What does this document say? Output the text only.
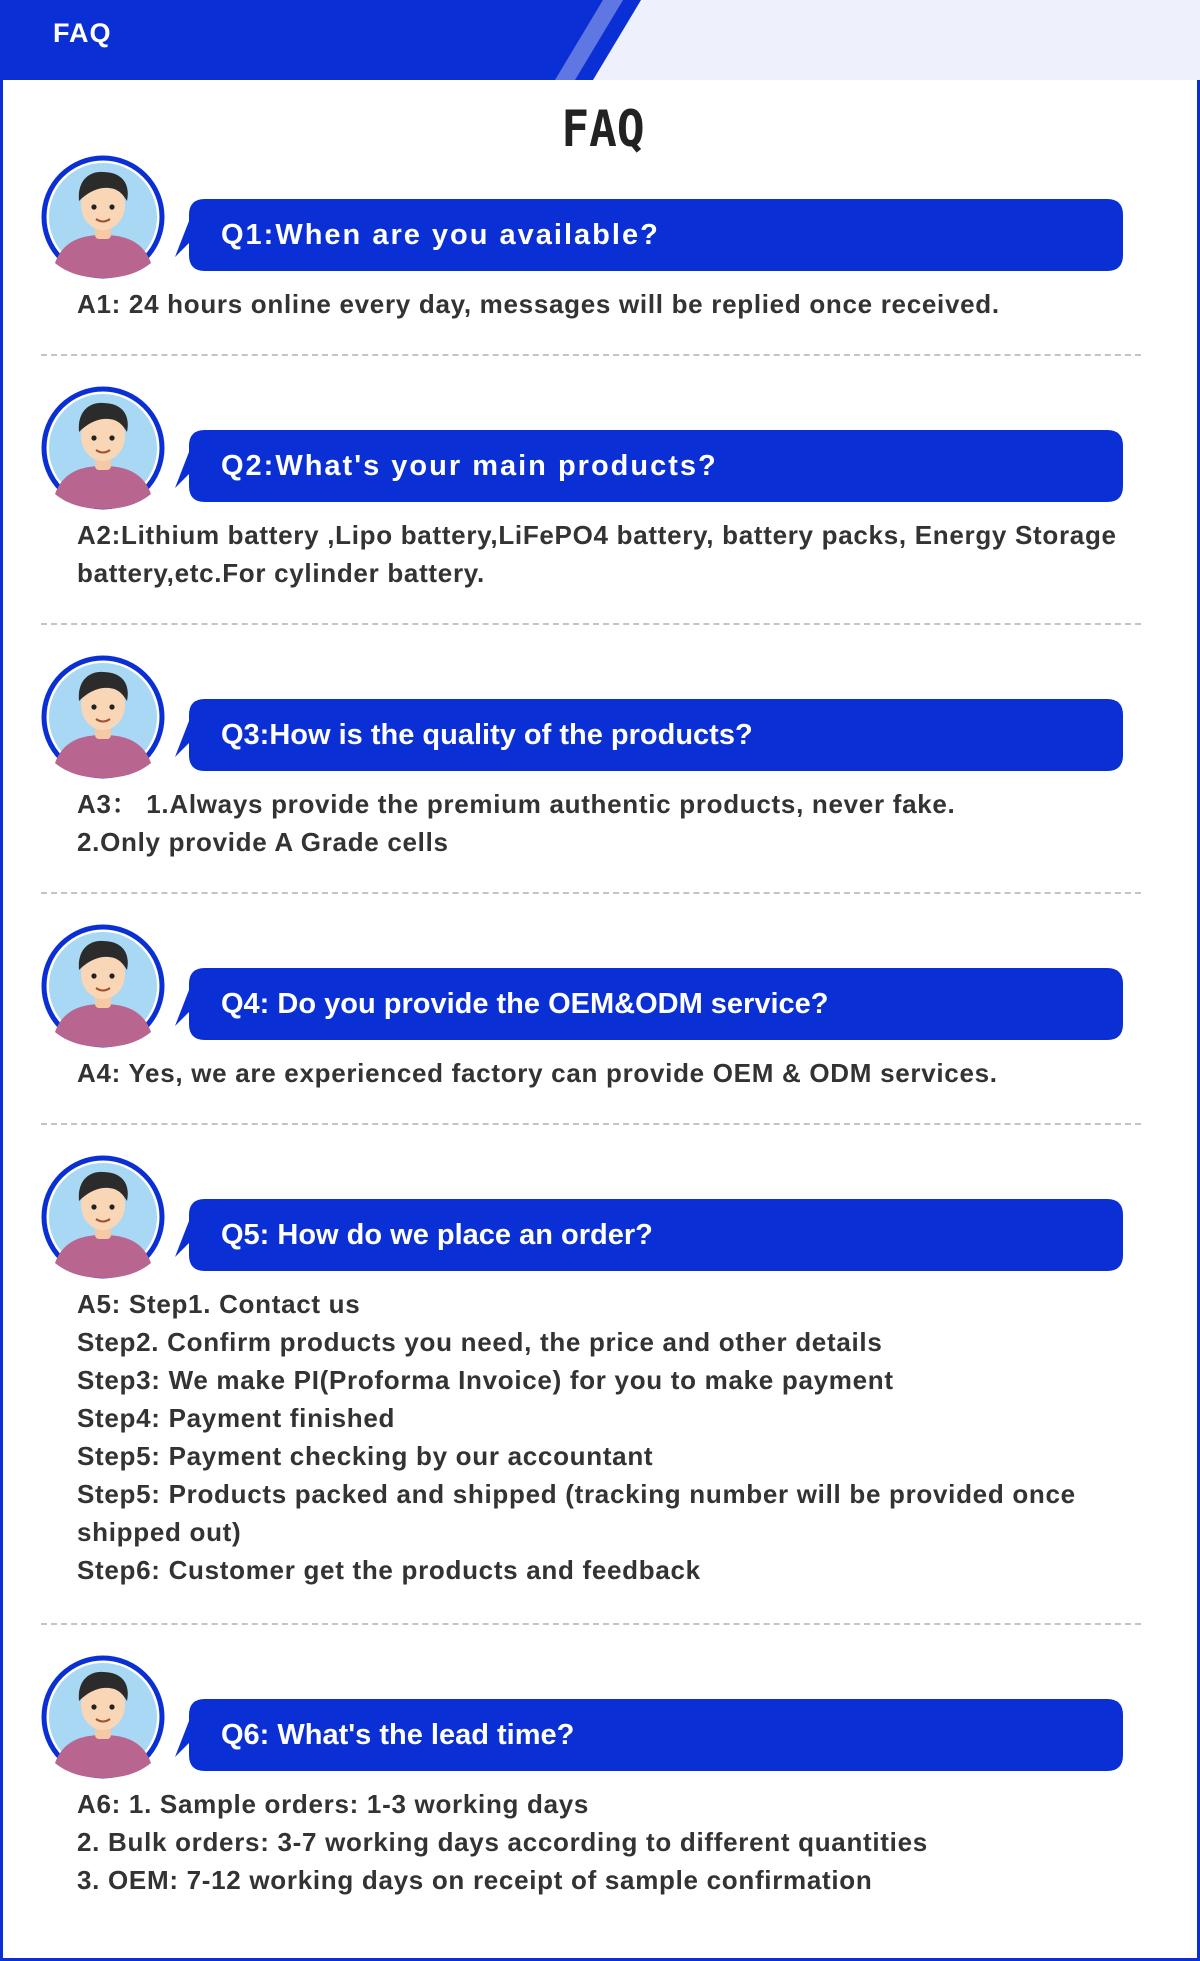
FAQ
FAQ
Q1:When are you available?
A1: 24 hours online every day, messages will be replied once received.
Q2:What's your main products?
A2:Lithium battery ,Lipo battery,LiFePO4 battery, battery packs, Energy Storage
battery,etc.For cylinder battery.
Q3:How is the quality of the products?
A3： 1.Always provide the premium authentic products, never fake.
2.Only provide A Grade cells
Q4: Do you provide the OEM&ODM service?
A4: Yes, we are experienced factory can provide OEM & ODM services.
Q5: How do we place an order?
A5: Step1. Contact us
Step2. Confirm products you need, the price and other details
Step3: We make PI(Proforma Invoice) for you to make payment
Step4: Payment finished
Step5: Payment checking by our accountant
Step5: Products packed and shipped (tracking number will be provided once
shipped out)
Step6: Customer get the products and feedback
Q6: What's the lead time?
A6: 1. Sample orders: 1-3 working days
2. Bulk orders: 3-7 working days according to different quantities
3. OEM: 7-12 working days on receipt of sample confirmation
